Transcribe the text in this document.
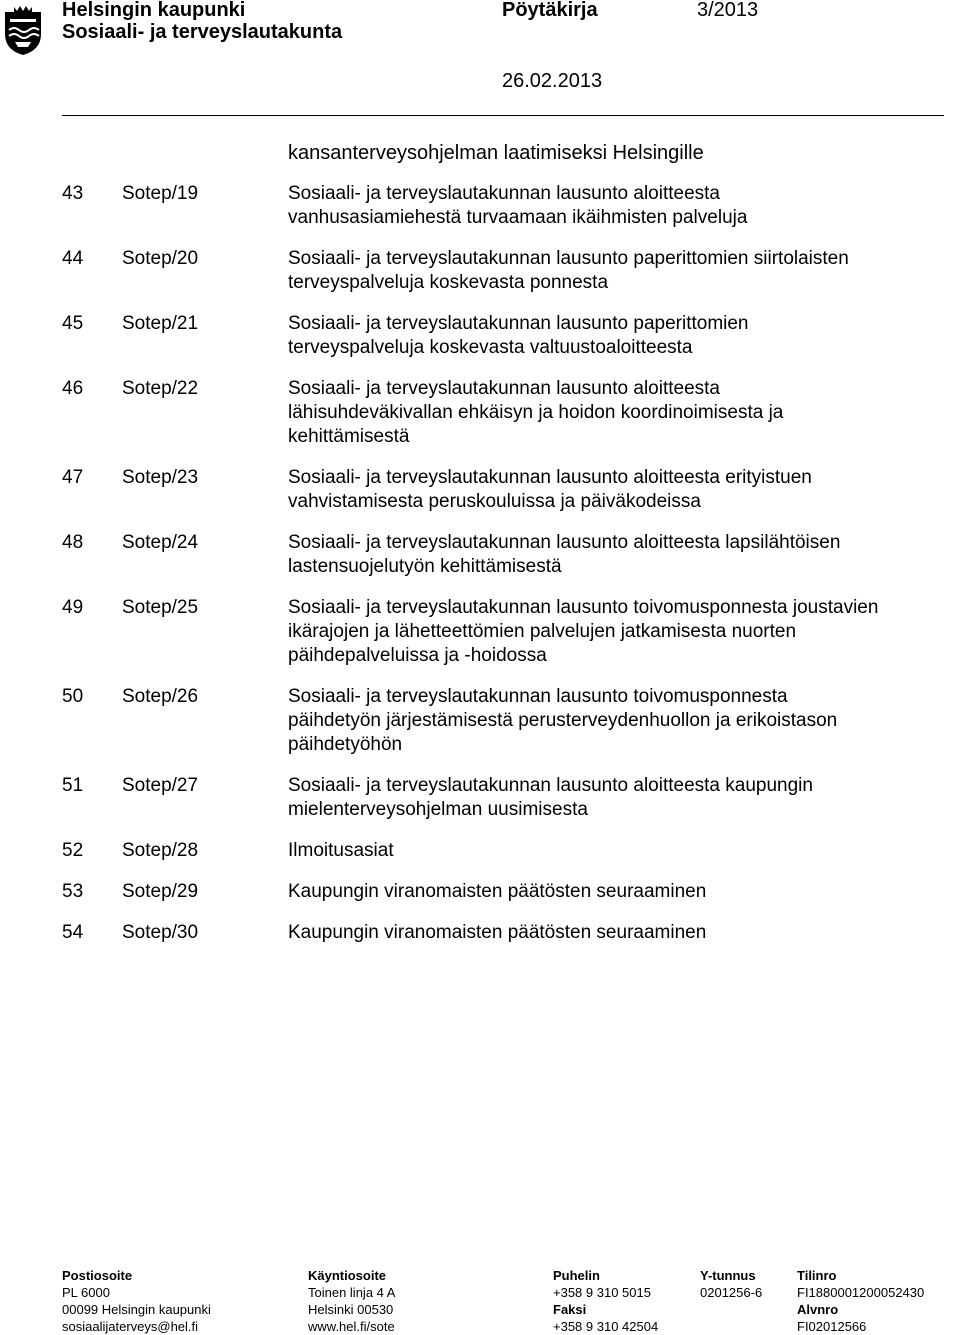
Helsingin kaupunki	Pöytäkirja	3/2013
Sosiaali- ja terveyslautakunta
26.02.2013
kansanterveysohjelman laatimiseksi Helsingille
43	Sotep/19	Sosiaali- ja terveyslautakunnan lausunto aloitteesta
vanhusasiamiehestä turvaamaan ikäihmisten palveluja
44	Sotep/20	Sosiaali- ja terveyslautakunnan lausunto paperittomien siirtolaisten
terveyspalveluja koskevasta ponnesta
45	Sotep/21	Sosiaali- ja terveyslautakunnan lausunto paperittomien
terveyspalveluja koskevasta valtuustoaloitteesta
46	Sotep/22	Sosiaali- ja terveyslautakunnan lausunto aloitteesta
lähisuhdeväkivallan ehkäisyn ja hoidon koordinoimisesta ja
kehittämisestä
47	Sotep/23	Sosiaali- ja terveyslautakunnan lausunto aloitteesta erityistuen
vahvistamisesta peruskouluissa ja päiväkodeissa
48	Sotep/24	Sosiaali- ja terveyslautakunnan lausunto aloitteesta lapsilähtöisen
lastensuojelutyön kehittämisestä
49	Sotep/25	Sosiaali- ja terveyslautakunnan lausunto toivomusponnesta joustavien
ikärajojen ja lähetteettömien palvelujen jatkamisesta nuorten
päihdepalveluissa ja -hoidossa
50	Sotep/26	Sosiaali- ja terveyslautakunnan lausunto toivomusponnesta
päihdetyön järjestämisestä perusterveydenhuollon ja erikoistason
päihdetyöhön
51	Sotep/27	Sosiaali- ja terveyslautakunnan lausunto aloitteesta kaupungin
mielenterveysohjelman uusimisesta
52	Sotep/28	Ilmoitusasiat
53	Sotep/29	Kaupungin viranomaisten päätösten seuraaminen
54	Sotep/30	Kaupungin viranomaisten päätösten seuraaminen
Postiosoite
PL 6000
00099 Helsingin kaupunki
sosiaalijaterveys@hel.fi
Käyntiosoite
Toinen linja 4 A
Helsinki 00530
www.hel.fi/sote
Puhelin
+358 9 310 5015
Faksi
+358 9 310 42504
Y-tunnus
0201256-6
Tilinro
FI1880001200052430
Alvnro
FI02012566
